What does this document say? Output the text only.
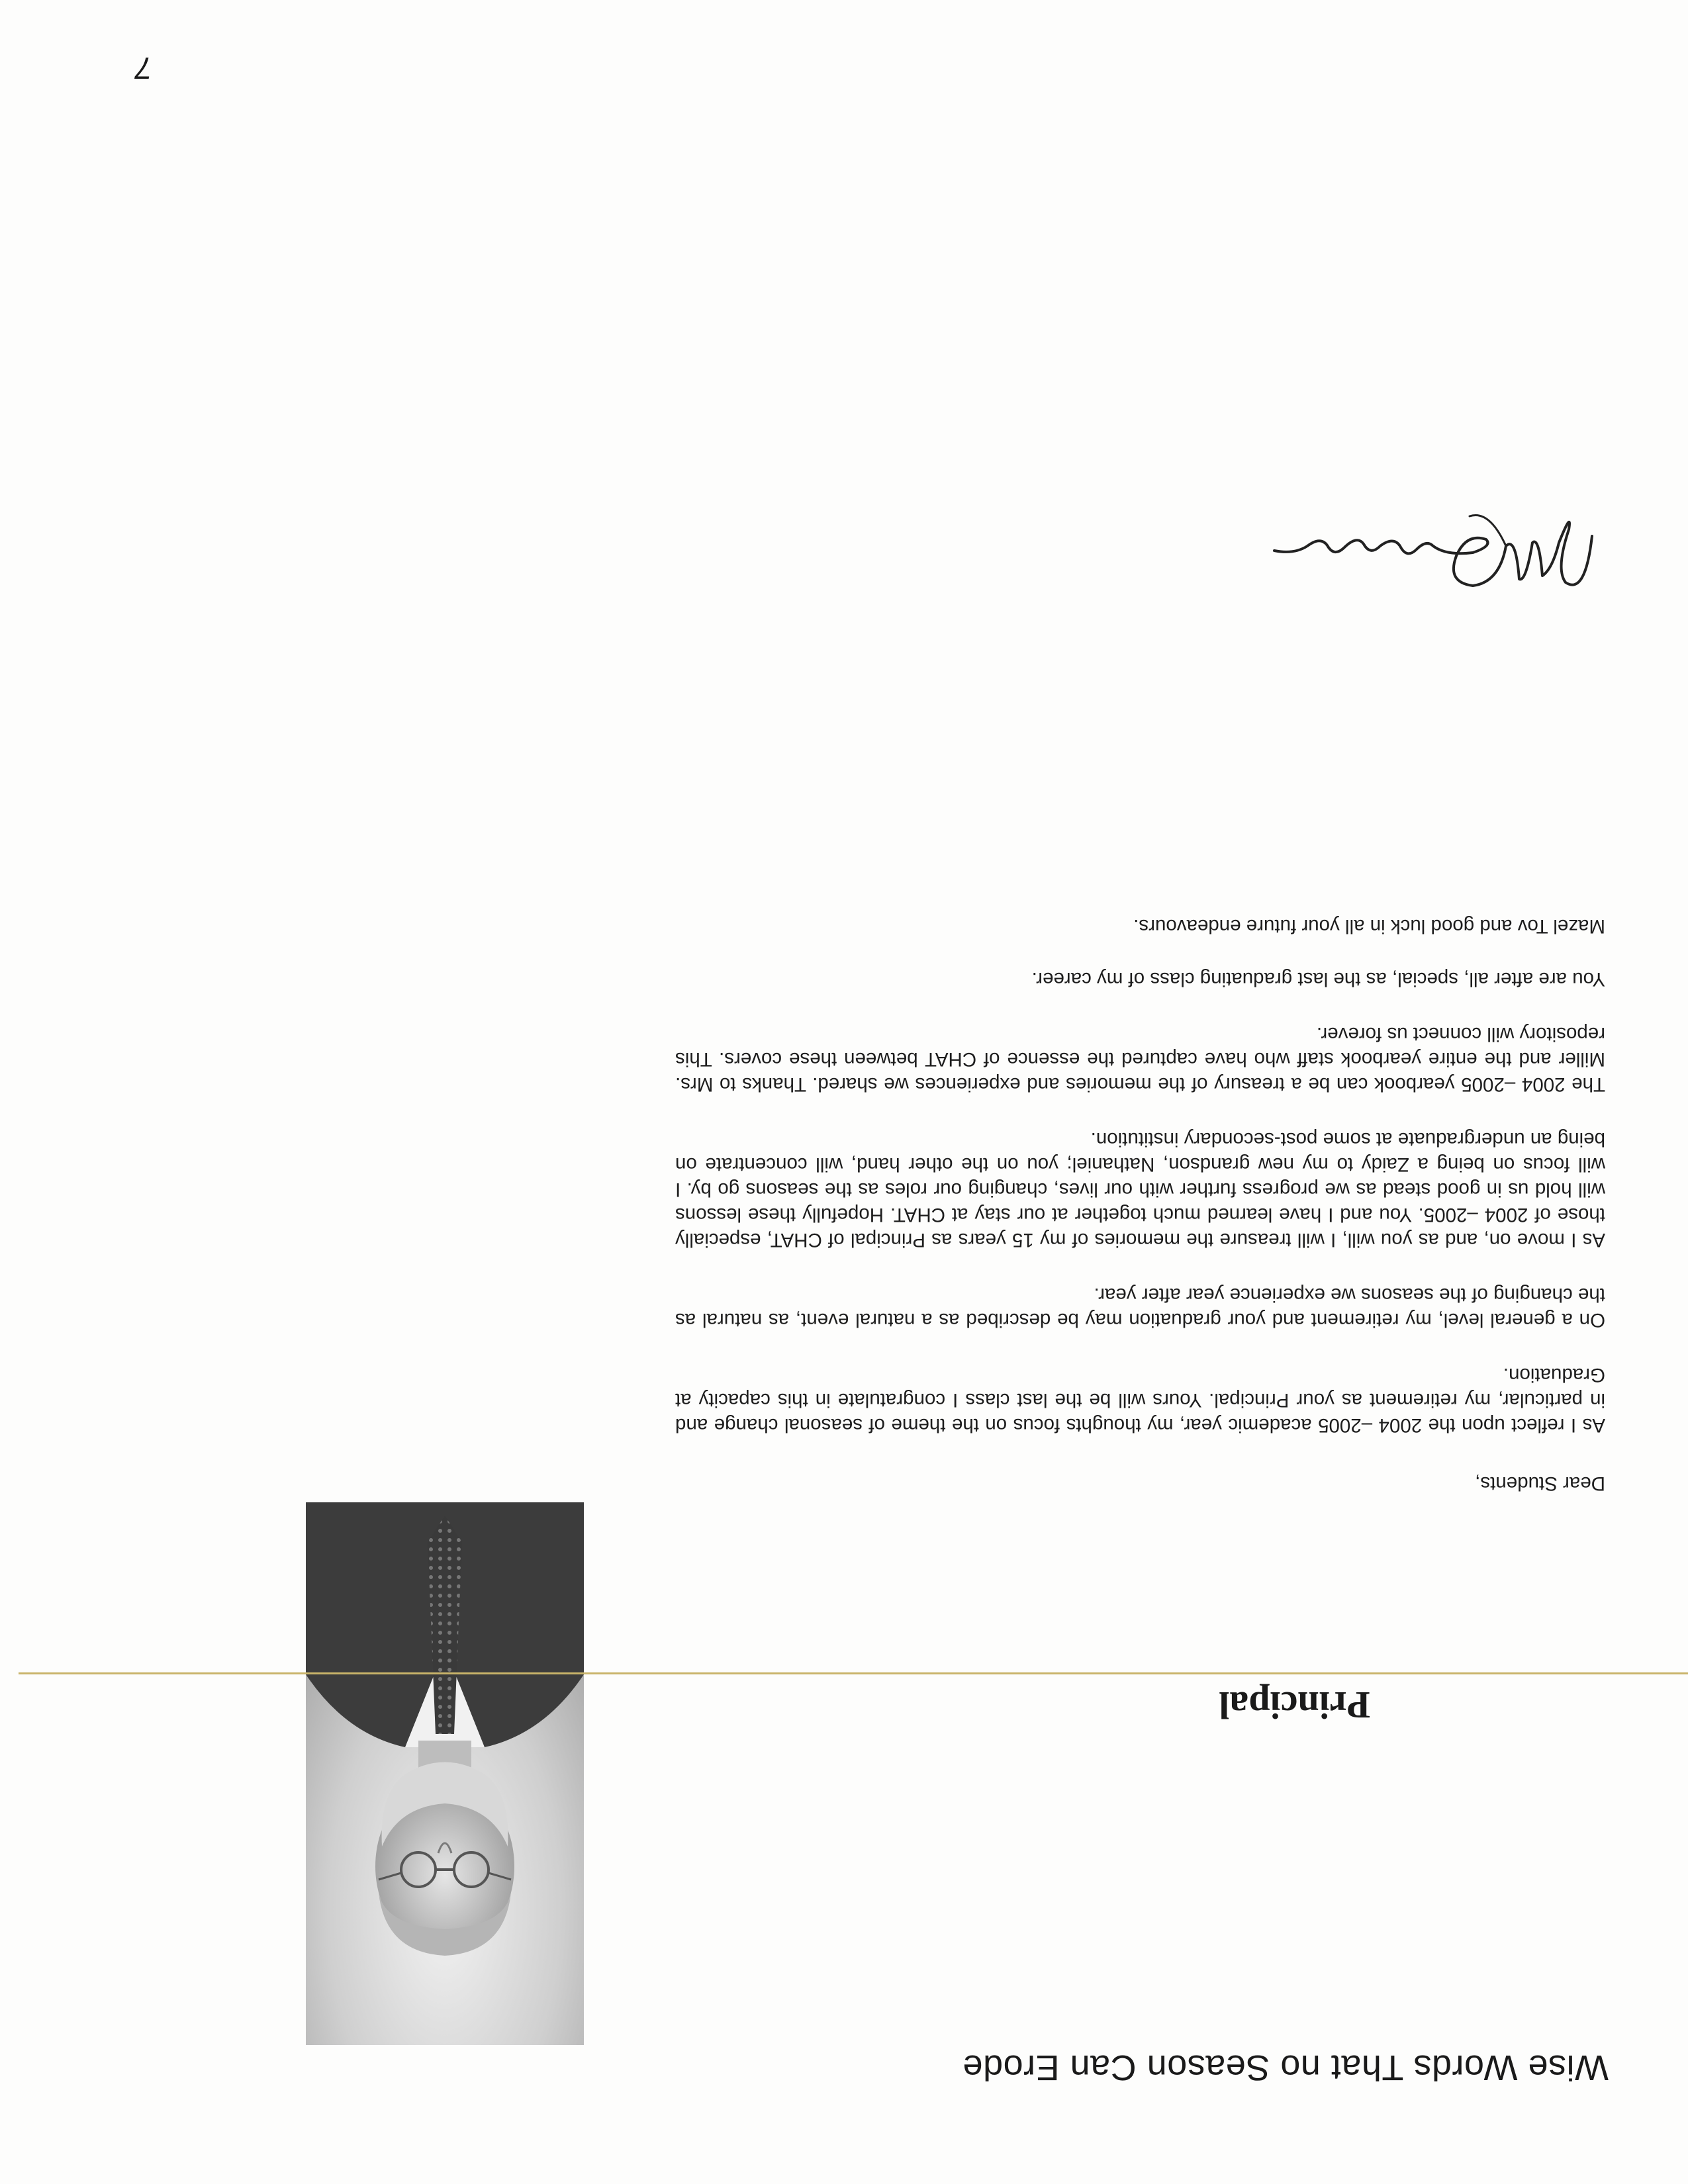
Wise Words That no Season Can Erode
Principal

Dear Students,

As I reflect upon the 2004 –2005 academic year, my thoughts focus on the theme of seasonal change and in particular, my retirement as your Principal. Yours will be the last class I congratulate in this capacity at Graduation.

On a general level, my retirement and your graduation may be described as a natural event, as natural as the changing of the seasons we experience year after year.

As I move on, and as you will, I will treasure the memories of my 15 years as Principal of CHAT, especially those of 2004 –2005. You and I have learned much together at our stay at CHAT. Hopefully these lessons will hold us in good stead as we progress further with our lives, changing our roles as the seasons go by. I will focus on being a Zaidy to my new grandson, Nathaniel; you on the other hand, will concentrate on being an undergraduate at some post-secondary institution.

The 2004 –2005 yearbook can be a treasury of the memories and experiences we shared. Thanks to Mrs. Miller and the entire yearbook staff who have captured the essence of CHAT between these covers. This repository will connect us forever.

You are after all, special, as the last graduating class of my career.

Mazel Tov and good luck in all your future endeavours.

7
